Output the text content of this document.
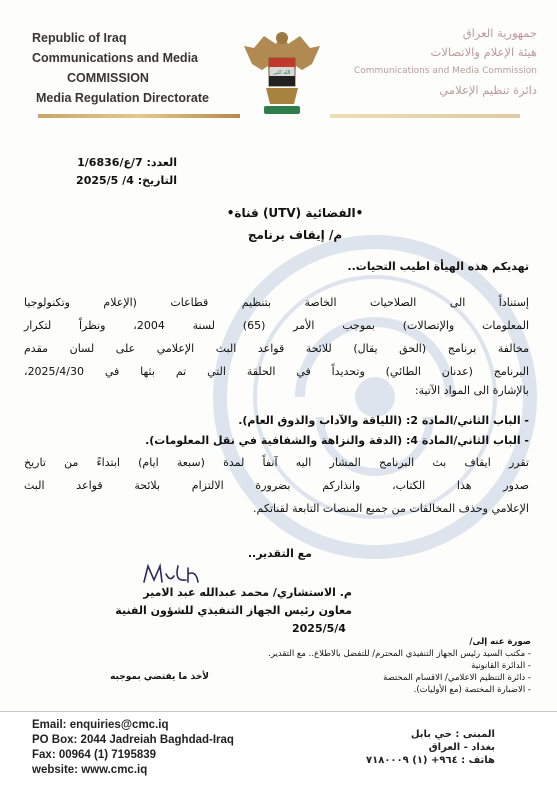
Republic of Iraq
Communications and Media
COMMISSION
Media Regulation Directorate
الله اكبر
جمهورية العراق
هيئة الإعلام والاتصالات
Communications and Media Commission
دائرة تنظيم الإعلامي
العدد: 7/ع/1/6836
التاريخ: 4/ 2025/5
•قناة (UTV) الفضائية•
م/ إيقاف برنامج
تهديكم هذه الهيأة اطيب التحيات..
إستناداً الى الصلاحيات الخاصة بتنظيم قطاعات (الإعلام وتكنولوجيا
المعلومات والإتصالات) بموجب الأمر (65) لسنة 2004، ونظراً لتكرار
مخالفة برنامج (الحق يقال) للائحة قواعد البث الإعلامي على لسان مقدم
البرنامج (عدنان الطائي) وتحديداً في الحلقة التي تم بثها في 2025/4/30،
بالإشارة الى المواد الآتية:
- الباب الثاني/المادة 2: (اللياقة والآداب والذوق العام).
- الباب الثاني/المادة 4: (الدقة والنزاهة والشفافية في نقل المعلومات).
تقرر ايقاف بث البرنامج المشار اليه آنفاً لمدة (سبعة ايام) ابتداءً من تاريخ
صدور هذا الكتاب، وانذاركم بضرورة الالتزام بلائحة قواعد البث
الإعلامي وحذف المخالفات من جميع المنصات التابعة لقناتكم.
مع التقدير..
م. الاستشاري/ محمد عبدالله عبد الامير
معاون رئيس الجهاز التنفيذي للشؤون الفنية
2025/5/4
صورة عنه إلى/
- مكتب السيد رئيس الجهاز التنفيذي المحترم/ للتفضل بالاطلاع.. مع التقدير.
- الدائرة القانونية
- دائرة التنظيم الاعلامي/ الاقسام المختصة
- الاضبارة المختصة (مع الأوليات).
لأخذ ما يقتضي بموجبه
Email: enquiries@cmc.iq
PO Box: 2044 Jadreiah Baghdad-Iraq
Fax: 00964 (1) 7195839
website: www.cmc.iq
المبنى : حي بابل
بغداد - العراق
هاتف : ٩٦٤+ (١) ٧١٨٠٠٠٩
